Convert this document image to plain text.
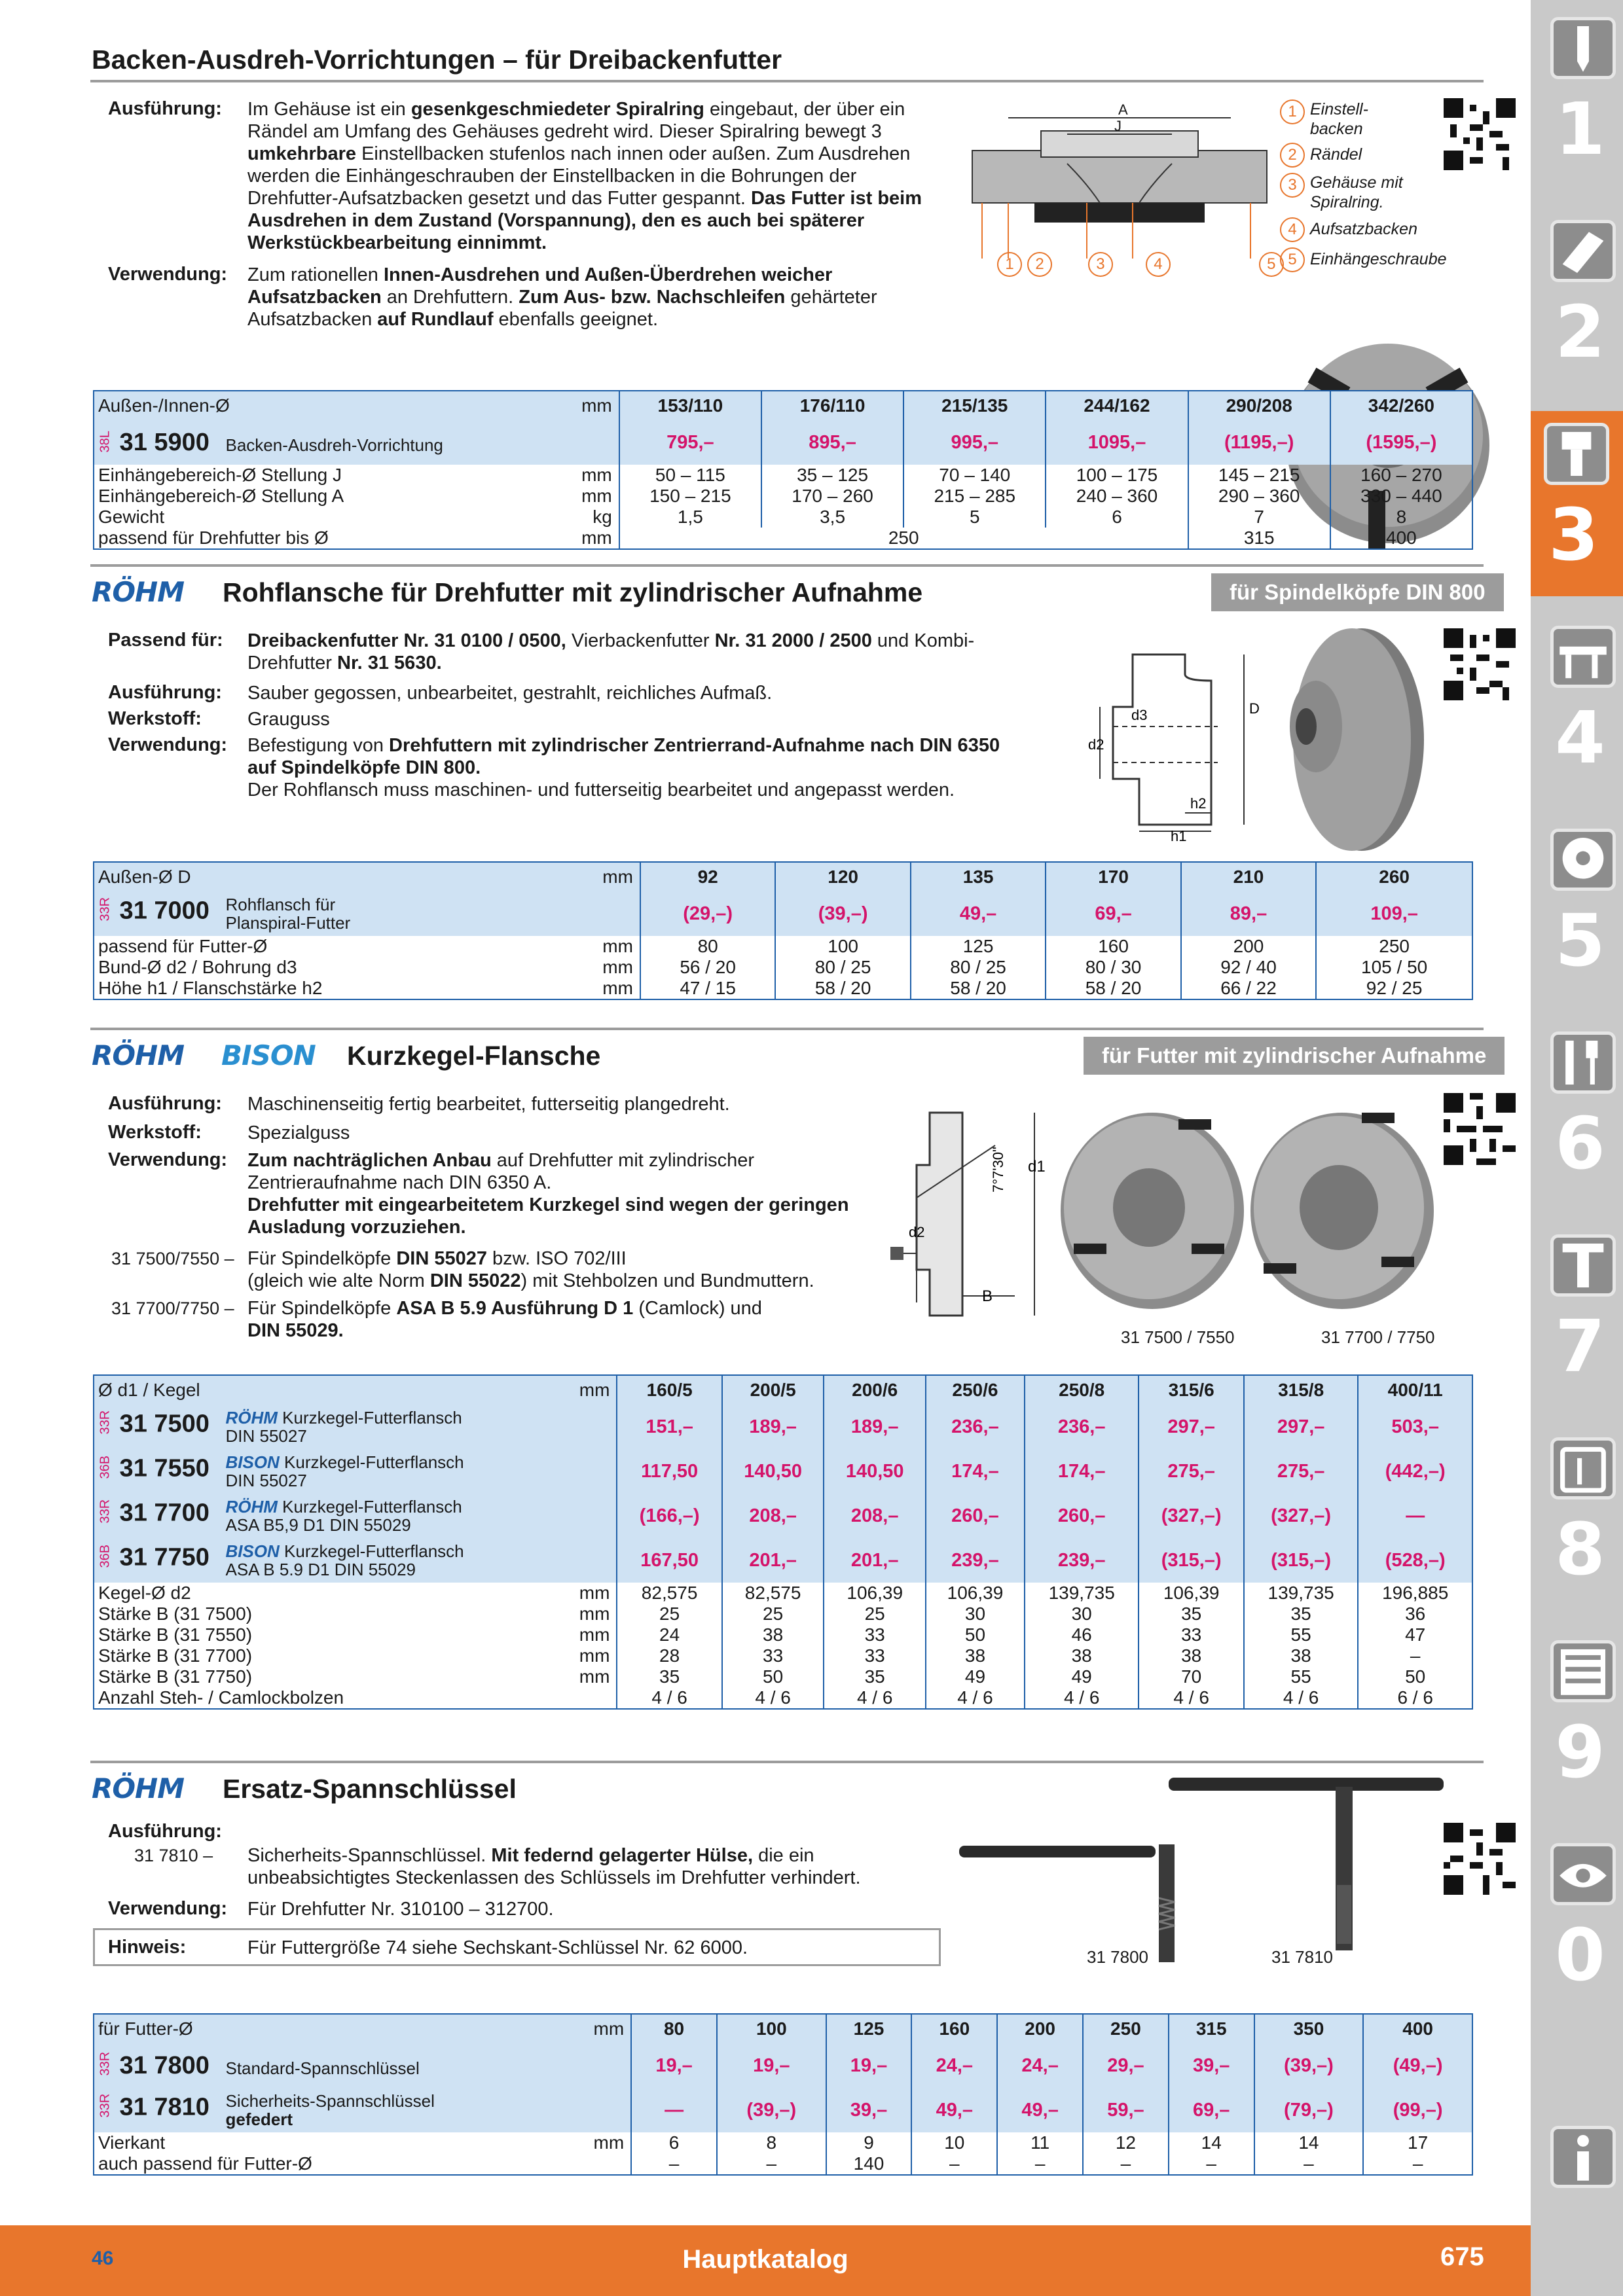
1
2
3
4
5
6
7
8
9
0
Backen-Ausdreh-Vorrichtungen – für Dreibackenfutter
Ausführung: Im Gehäuse ist ein gesenkgeschmiedeter Spiralring eingebaut, der über ein Rändel am Umfang des Gehäuses gedreht wird. Dieser Spiralring bewegt 3 umkehrbare Einstellbacken stufenlos nach innen oder außen. Zum Ausdrehen werden die Einhängeschrauben der Einstellbacken in die Bohrungen der Drehfutter-Aufsatzbacken gesetzt und das Futter gespannt. Das Futter ist beim Ausdrehen in dem Zustand (Vorspannung), den es auch bei späterer Werkstückbearbeitung einnimmt.
Verwendung: Zum rationellen Innen-Ausdrehen und Außen-Überdrehen weicher Aufsatzbacken an Drehfuttern. Zum Aus- bzw. Nachschleifen gehärteter Aufsatzbacken auf Rundlauf ebenfalls geeignet.
A
J
1 2	3	4	5
1 Einstell-
backen
2 Rändel
3 Gehäuse mit
Spiralring.
4 Aufsatzbacken
5 Einhängeschraube
Außen-/Innen-Ø	mm	153/110	176/110	215/135	244/162	290/208	342/260
38L 31 5900 Backen-Ausdreh-Vorrichtung		795,–	895,–	995,–	1095,–	(1195,–)	(1595,–)
Einhängebereich-Ø Stellung J	mm	50 – 115	35 – 125	70 – 140	100 – 175	145 – 215	160 – 270
Einhängebereich-Ø Stellung A	mm	150 – 215	170 – 260	215 – 285	240 – 360	290 – 360	330 – 440
Gewicht	kg	1,5	3,5	5	6	7	8
passend für Drehfutter bis Ø	mm	250				315	400
RÖHM Rohflansche für Drehfutter mit zylindrischer Aufnahme	für Spindelköpfe DIN 800
Passend für: Dreibackenfutter Nr. 31 0100 / 0500, Vierbackenfutter Nr. 31 2000 / 2500 und Kombi-Drehfutter Nr. 31 5630.
Ausführung: Sauber gegossen, unbearbeitet, gestrahlt, reichliches Aufmaß.
Werkstoff: Grauguss
Verwendung: Befestigung von Drehfuttern mit zylindrischer Zentrierrand-Aufnahme nach DIN 6350 auf Spindelköpfe DIN 800.
Der Rohflansch muss maschinen- und futterseitig bearbeitet und angepasst werden.
d2
d3	D
h2
h1
Außen-Ø D	mm	92	120	135	170	210	260
33R 31 7000 Rohflansch für
Planspiral-Futter		(29,–)	(39,–)	49,–	69,–	89,–	109,–
passend für Futter-Ø	mm	80	100	125	160	200	250
Bund-Ø d2 / Bohrung d3	mm	56 / 20	80 / 25	80 / 25	80 / 30	92 / 40	105 / 50
Höhe h1 / Flanschstärke h2	mm	47 / 15	58 / 20	58 / 20	58 / 20	66 / 22	92 / 25
RÖHM BISON Kurzkegel-Flansche	für Futter mit zylindrischer Aufnahme
Ausführung: Maschinenseitig fertig bearbeitet, futterseitig plangedreht.
Werkstoff: Spezialguss
Verwendung: Zum nachträglichen Anbau auf Drehfutter mit zylindrischer Zentrieraufnahme nach DIN 6350 A.
Drehfutter mit eingearbeitetem Kurzkegel sind wegen der geringen Ausladung vorzuziehen.
31 7500/7550 – Für Spindelköpfe DIN 55027 bzw. ISO 702/III
(gleich wie alte Norm DIN 55022) mit Stehbolzen und Bundmuttern.
31 7700/7750 – Für Spindelköpfe ASA B 5.9 Ausführung D 1 (Camlock) und
DIN 55029.
7°7'30" d1
d2
B
31 7500 / 7550	31 7700 / 7750
Ø d1 / Kegel	mm	160/5	200/5	200/6	250/6	250/8	315/6	315/8	400/11
33R 31 7500 RÖHM Kurzkegel-Futterflansch
DIN 55027		151,–	189,–	189,–	236,–	236,–	297,–	297,–	503,–
36B 31 7550 BISON Kurzkegel-Futterflansch
DIN 55027		117,50	140,50	140,50	174,–	174,–	275,–	275,–	(442,–)
33R 31 7700 RÖHM Kurzkegel-Futterflansch
ASA B5,9 D1 DIN 55029		(166,–)	208,–	208,–	260,–	260,–	(327,–)	(327,–)	—
36B 31 7750 BISON Kurzkegel-Futterflansch
ASA B 5.9 D1 DIN 55029		167,50	201,–	201,–	239,–	239,–	(315,–)	(315,–)	(528,–)
Kegel-Ø d2	mm	82,575	82,575	106,39	106,39	139,735	106,39	139,735	196,885
Stärke B (31 7500)	mm	25	25	25	30	30	35	35	36
Stärke B (31 7550)	mm	24	38	33	50	46	33	55	47
Stärke B (31 7700)	mm	28	33	33	38	38	38	38	–
Stärke B (31 7750)	mm	35	50	35	49	49	70	55	50
Anzahl Steh- / Camlockbolzen		4 / 6	4 / 6	4 / 6	4 / 6	4 / 6	4 / 6	4 / 6	6 / 6
RÖHM Ersatz-Spannschlüssel
Ausführung:
31 7810 – Sicherheits-Spannschlüssel. Mit federnd gelagerter Hülse, die ein unbeabsichtigtes Steckenlassen des Schlüssels im Drehfutter verhindert.
Verwendung: Für Drehfutter Nr. 310100 – 312700.
Hinweis:	Für Futtergröße 74 siehe Sechskant-Schlüssel Nr. 62 6000.	31 7800	31 7810
für Futter-Ø	mm	80	100	125	160	200	250	315	350	400
33R 31 7800 Standard-Spannschlüssel		19,–	19,–	19,–	24,–	24,–	29,–	39,–	(39,–)	(49,–)
33R 31 7810 Sicherheits-Spannschlüssel
gefedert		—	(39,–)	39,–	49,–	49,–	59,–	69,–	(79,–)	(99,–)
Vierkant	mm	6	8	9	10	11	12	14	14	17
auch passend für Futter-Ø		–	–	140	–	–	–	–	–	–
46	Hauptkatalog	675
